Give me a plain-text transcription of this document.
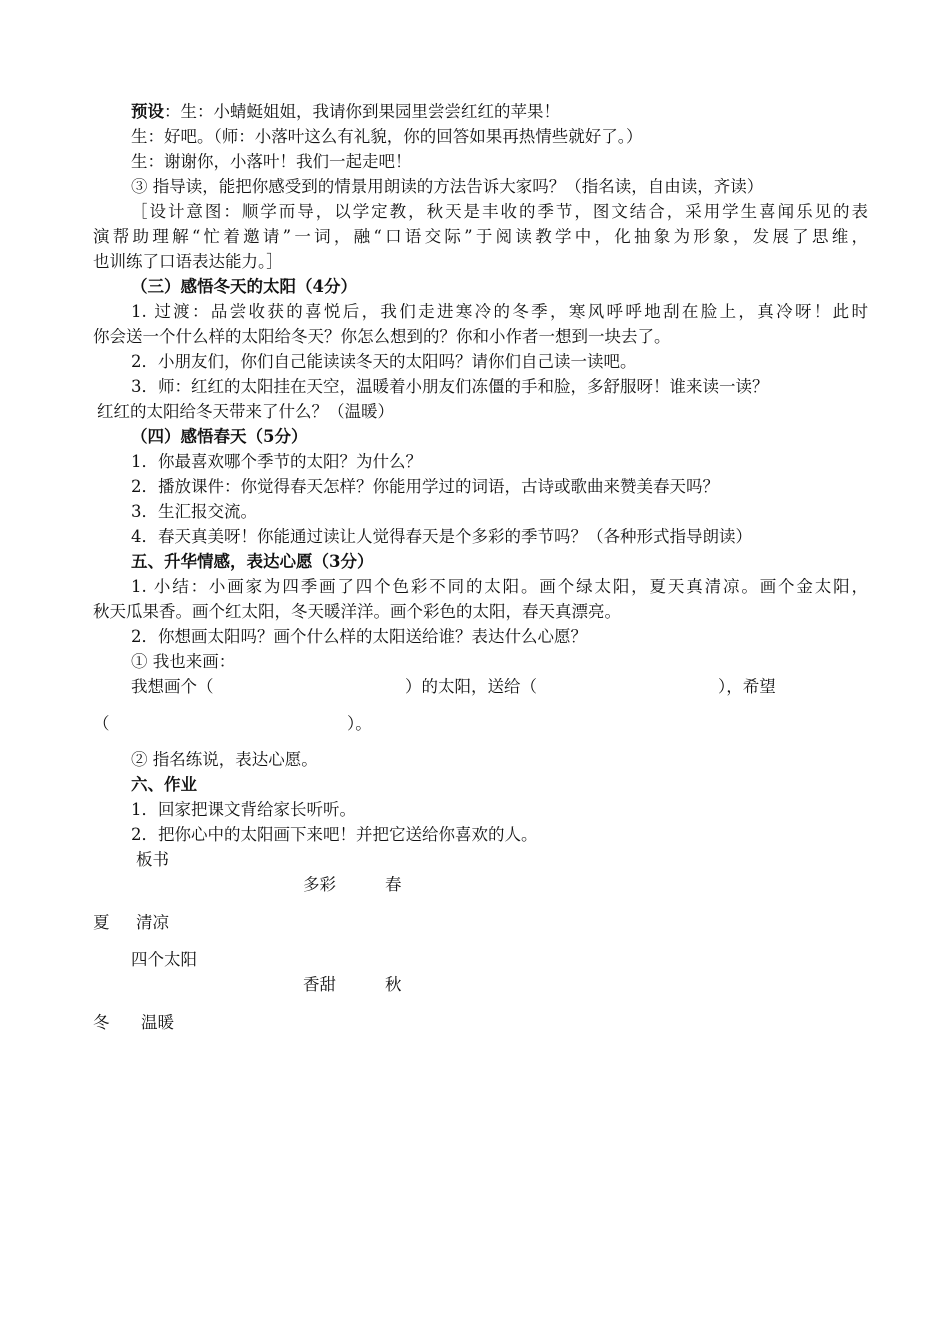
预设：生：小蜻蜓姐姐，我请你到果园里尝尝红红的苹果！
生：好吧。（师：小落叶这么有礼貌，你的回答如果再热情些就好了。）
生：谢谢你，小落叶！我们一起走吧！
③ 指导读，能把你感受到的情景用朗读的方法告诉大家吗？（指名读，自由读，齐读）
［设计意图：顺学而导，以学定教，秋天是丰收的季节，图文结合，采用学生喜闻乐见的表
演帮助理解“忙着邀请”一词，融“口语交际”于阅读教学中，化抽象为形象，发展了思维，
也训练了口语表达能力。］
（三）感悟冬天的太阳（4分）
1. 过渡：品尝收获的喜悦后，我们走进寒冷的冬季，寒风呼呼地刮在脸上，真冷呀！此时
你会送一个什么样的太阳给冬天？你怎么想到的？你和小作者一想到一块去了。
2．小朋友们，你们自己能读读冬天的太阳吗？请你们自己读一读吧。
3．师：红红的太阳挂在天空，温暖着小朋友们冻僵的手和脸，多舒服呀！谁来读一读？
红红的太阳给冬天带来了什么？（温暖）
（四）感悟春天（5分）
1．你最喜欢哪个季节的太阳？为什么？
2．播放课件：你觉得春天怎样？你能用学过的词语，古诗或歌曲来赞美春天吗？
3．生汇报交流。
4．春天真美呀！你能通过读让人觉得春天是个多彩的季节吗？（各种形式指导朗读）
五、升华情感，表达心愿（3分）
1. 小结：小画家为四季画了四个色彩不同的太阳。画个绿太阳，夏天真清凉。画个金太阳，
秋天瓜果香。画个红太阳，冬天暖洋洋。画个彩色的太阳，春天真漂亮。
2．你想画太阳吗？画个什么样的太阳送给谁？表达什么心愿？
① 我也来画：
我想画个（	）的太阳，送给（	），希望
（	）。
② 指名练说，表达心愿。
六、作业
1．回家把课文背给家长听听。
2．把你心中的太阳画下来吧！并把它送给你喜欢的人。
板书
多彩	春
夏 清凉
四个太阳
香甜	秋
冬 温暖
